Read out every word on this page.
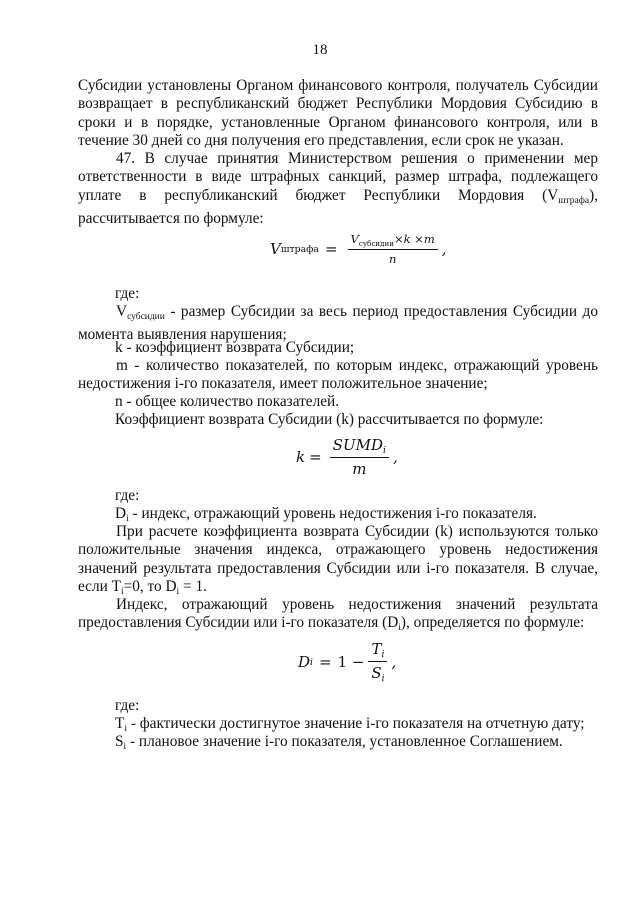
18
Субсидии установлены Органом финансового контроля, получатель Субсидии возвращает в республиканский бюджет Республики Мордовия Субсидию в сроки и в порядке, установленные Органом финансового контроля, или в течение 30 дней со дня получения его представления, если срок не указан.
47. В случае принятия Министерством решения о применении мер ответственности в виде штрафных санкций, размер штрафа, подлежащего уплате в республиканский бюджет Республики Мордовия $(V_{штрафа})$, рассчитывается по формуле:
V штрафа = $\frac{V_{субсидии}\times k \times m}{n}$ ,
где:
$V_{субсидии}$ - размер Субсидии за весь период предоставления Субсидии до момента выявления нарушения;
k - коэффициент возврата Субсидии;
m - количество показателей, по которым индекс, отражающий уровень недостижения i-го показателя, имеет положительное значение;
n - общее количество показателей.
Коэффициент возврата Субсидии (k) рассчитывается по формуле:
$k = \frac{SUMD_i}{m}$ ,
где:
$D_i$ - индекс, отражающий уровень недостижения i-го показателя.
При расчете коэффициента возврата Субсидии (k) используются только положительные значения индекса, отражающего уровень недостижения значений результата предоставления Субсидии или i-го показателя. В случае, если $T_i=0$, то $D_i = 1$.
Индекс, отражающий уровень недостижения значений результата предоставления Субсидии или i-го показателя $(D_i)$, определяется по формуле:
D $i = 1 - \frac{T_i}{S_i}$ ,
где:
$T_i$ - фактически достигнутое значение i-го показателя на отчетную дату;
$S_i$ - плановое значение i-го показателя, установленное Соглашением.
